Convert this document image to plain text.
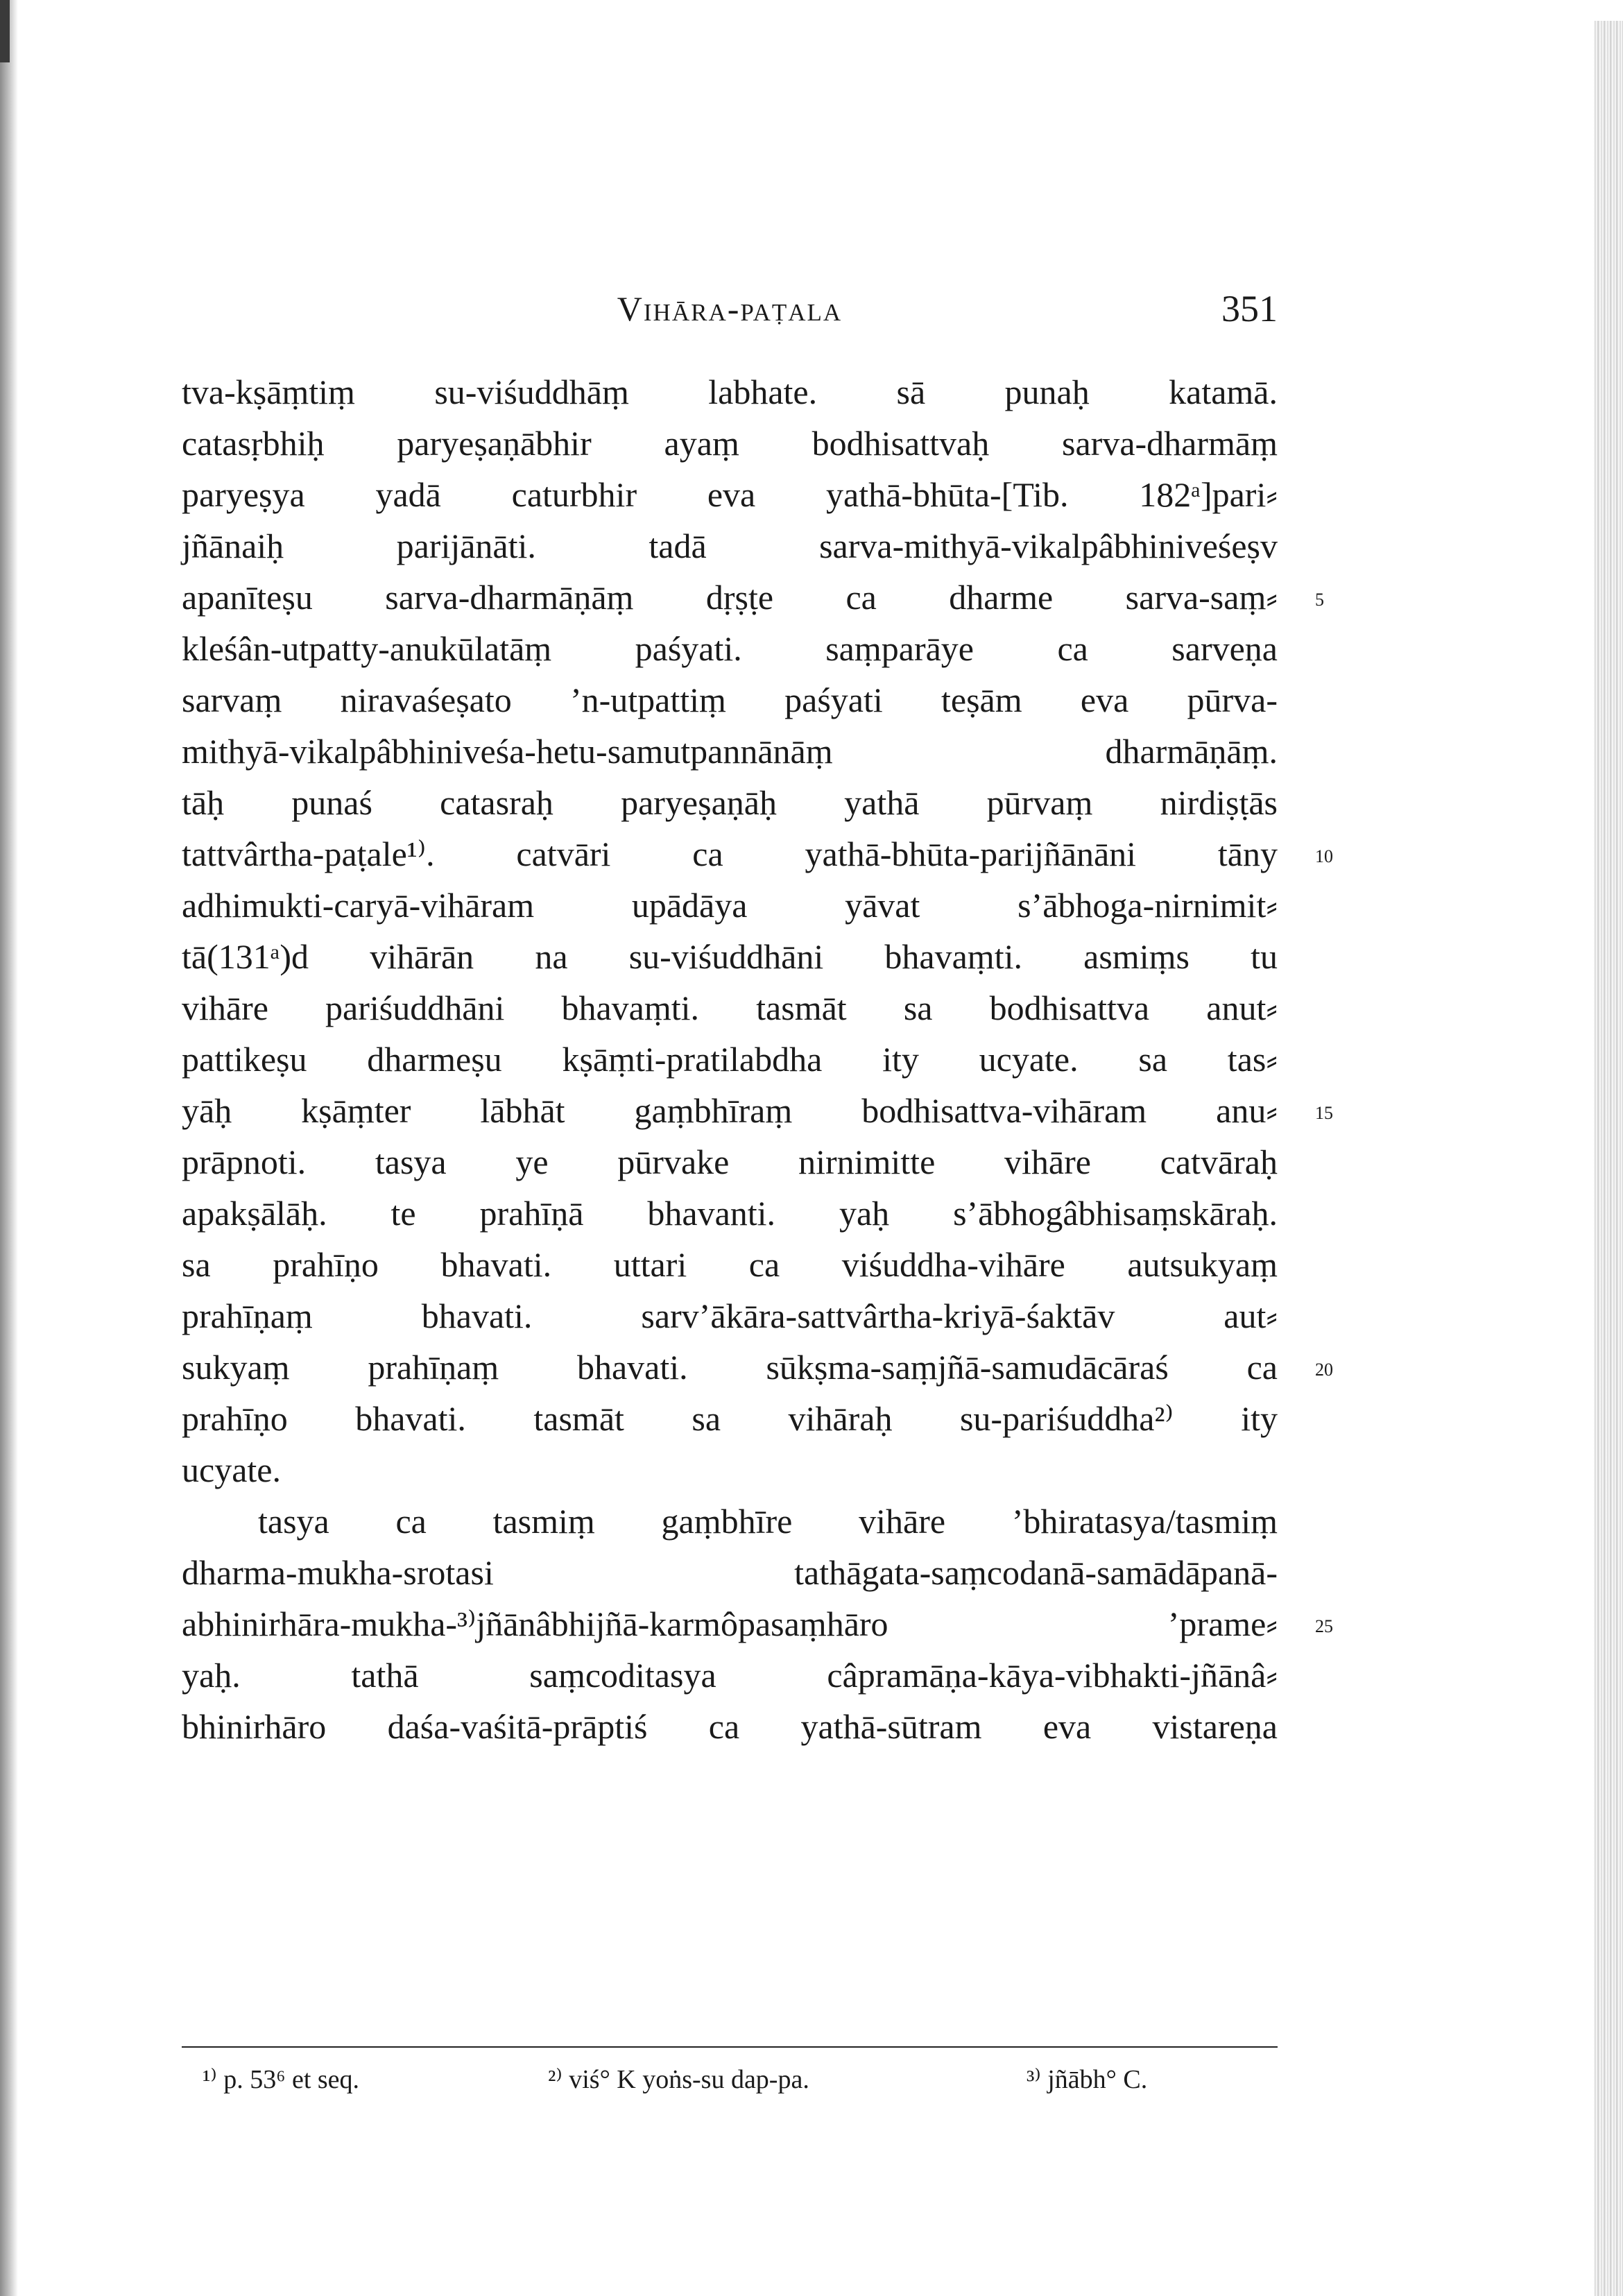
Vihāra-paṭala	351
tva-kṣāṃtiṃ su-viśuddhāṃ labhate. sā punaḥ katamā.
catasṛbhiḥ paryeṣaṇābhir ayaṃ bodhisattvaḥ sarva-dharmāṃ
paryeṣya yadā caturbhir eva yathā-bhūta-[Tib. 182ᵃ]pari⸗
jñānaiḥ parijānāti. tadā sarva-mithyā-vikalpâbhiniveśeṣv
apanīteṣu sarva-dharmāṇāṃ dṛṣṭe ca dharme sarva-saṃ⸗ 5
kleśân-utpatty-anukūlatāṃ paśyati. saṃparāye ca sarveṇa
sarvaṃ niravaśeṣato ’n-utpattiṃ paśyati teṣām eva pūrva-
mithyā-vikalpâbhiniveśa-hetu-samutpannānāṃ dharmāṇāṃ.
tāḥ punaś catasraḥ paryeṣaṇāḥ yathā pūrvaṃ nirdiṣṭās
tattvârtha-paṭale¹⁾. catvāri ca yathā-bhūta-parijñānāni tāny 10
adhimukti-caryā-vihāram upādāya yāvat s’ābhoga-nirnimit⸗
tā(131ᵃ)d vihārān na su-viśuddhāni bhavaṃti. asmiṃs tu
vihāre pariśuddhāni bhavaṃti. tasmāt sa bodhisattva anut⸗
pattikeṣu dharmeṣu kṣāṃti-pratilabdha ity ucyate. sa tas⸗
yāḥ kṣāṃter lābhāt gaṃbhīraṃ bodhisattva-vihāram anu⸗ 15
prāpnoti. tasya ye pūrvake nirnimitte vihāre catvāraḥ
apakṣālāḥ. te prahīṇā bhavanti. yaḥ s’ābhogâbhisaṃskāraḥ.
sa prahīṇo bhavati. uttari ca viśuddha-vihāre autsukyaṃ
prahīṇaṃ bhavati. sarv’ākāra-sattvârtha-kriyā-śaktāv aut⸗
sukyaṃ prahīṇaṃ bhavati. sūkṣma-saṃjñā-samudācāraś ca 20
prahīṇo bhavati. tasmāt sa vihāraḥ su-pariśuddha²⁾ ity
ucyate.
tasya ca tasmiṃ gaṃbhīre vihāre ’bhiratasya/tasmiṃ
dharma-mukha-srotasi tathāgata-saṃcodanā-samādāpanā-
abhinirhāra-mukha-³⁾jñānâbhijñā-karmôpasaṃhāro ’prame⸗ 25
yaḥ. tathā saṃcoditasya câpramāṇa-kāya-vibhakti-jñānâ⸗
bhinirhāro daśa-vaśitā-prāptiś ca yathā-sūtram eva vistareṇa
¹⁾ p. 53⁶ et seq.	²⁾ viś° K yoṅs-su dap-pa.	³⁾ jñābh° C.
